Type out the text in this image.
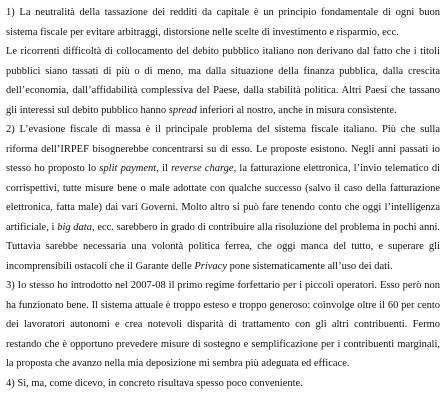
1) La neutralità della tassazione dei redditi da capitale è un principio fondamentale di ogni buon sistema fiscale per evitare arbitraggi, distorsione nelle scelte di investimento e risparmio, ecc.

Le ricorrenti difficoltà di collocamento del debito pubblico italiano non derivano dal fatto che i titoli pubblici siano tassati di più o di meno, ma dalla situazione della finanza pubblica, dalla crescita dell’economia, dall’affidabilità complessiva del Paese, dalla stabilità politica. Altri Paesi che tassano gli interessi sul debito pubblico hanno spread inferiori al nostro, anche in misura consistente.

2) L’evasione fiscale di massa è il principale problema del sistema fiscale italiano. Più che sulla riforma dell’IRPEF bisognerebbe concentrarsi su di esso. Le proposte esistono. Negli anni passati io stesso ho proposto lo split payment, il reverse charge, la fatturazione elettronica, l’invio telematico di corrispettivi, tutte misure bene o male adottate con qualche successo (salvo il caso della fatturazione elettronica, fatta male) dai vari Governi. Molto altro si può fare tenendo conto che oggi l’intelligenza artificiale, i big data, ecc. sarebbero in grado di contribuire alla risoluzione del problema in pochi anni. Tuttavia sarebbe necessaria una volontà politica ferrea, che oggi manca del tutto, e superare gli incomprensibili ostacoli che il Garante delle Privacy pone sistematicamente all’uso dei dati.

3) Io stesso ho introdotto nel 2007-08 il primo regime forfettario per i piccoli operatori. Esso però non ha funzionato bene. Il sistema attuale è troppo esteso e troppo generoso: coinvolge oltre il 60 per cento dei lavoratori autonomi e crea notevoli disparità di trattamento con gli altri contribuenti. Fermo restando che è opportuno prevedere misure di sostegno e semplificazione per i contribuenti marginali, la proposta che avanzo nella mia deposizione mi sembra più adeguata ed efficace.

4) Sì, ma, come dicevo, in concreto risultava spesso poco conveniente.
